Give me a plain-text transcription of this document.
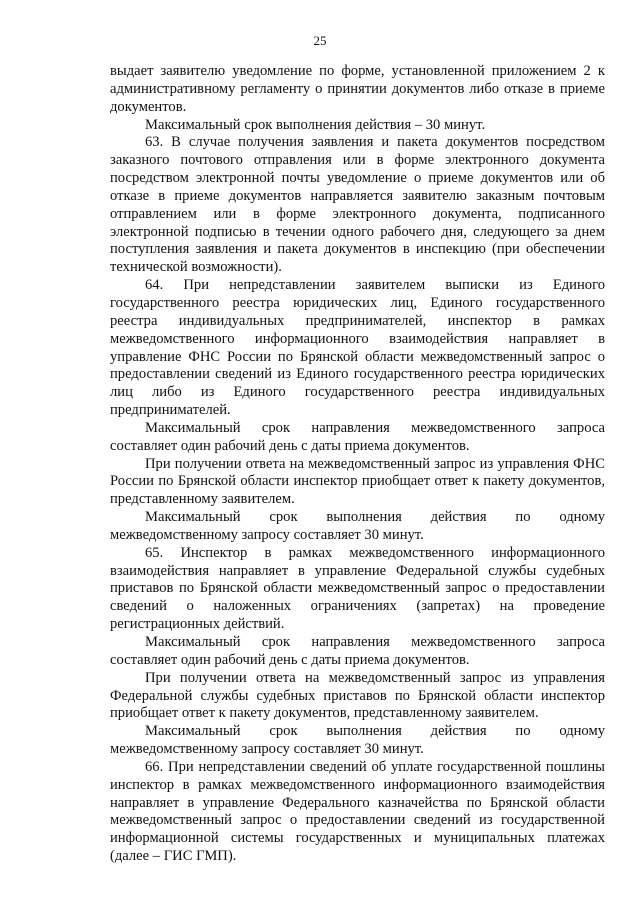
25

выдает заявителю уведомление по форме, установленной приложением 2 к административному регламенту о принятии документов либо отказе в приеме документов.

Максимальный срок выполнения действия – 30 минут.

63. В случае получения заявления и пакета документов посредством заказного почтового отправления или в форме электронного документа посредством электронной почты уведомление о приеме документов или об отказе в приеме документов направляется заявителю заказным почтовым отправлением или в форме электронного документа, подписанного электронной подписью в течении одного рабочего дня, следующего за днем поступления заявления и пакета документов в инспекцию (при обеспечении технической возможности).

64. При непредставлении заявителем выписки из Единого государственного реестра юридических лиц, Единого государственного реестра индивидуальных предпринимателей, инспектор в рамках межведомственного информационного взаимодействия направляет в управление ФНС России по Брянской области межведомственный запрос о предоставлении сведений из Единого государственного реестра юридических лиц либо из Единого государственного реестра индивидуальных предпринимателей.

Максимальный срок направления межведомственного запроса составляет один рабочий день с даты приема документов.

При получении ответа на межведомственный запрос из управления ФНС России по Брянской области инспектор приобщает ответ к пакету документов, представленному заявителем.

Максимальный срок выполнения действия по одному межведомственному запросу составляет 30 минут.

65. Инспектор в рамках межведомственного информационного взаимодействия направляет в управление Федеральной службы судебных приставов по Брянской области межведомственный запрос о предоставлении сведений о наложенных ограничениях (запретах) на проведение регистрационных действий.

Максимальный срок направления межведомственного запроса составляет один рабочий день с даты приема документов.

При получении ответа на межведомственный запрос из управления Федеральной службы судебных приставов по Брянской области инспектор приобщает ответ к пакету документов, представленному заявителем.

Максимальный срок выполнения действия по одному межведомственному запросу составляет 30 минут.

66. При непредставлении сведений об уплате государственной пошлины инспектор в рамках межведомственного информационного взаимодействия направляет в управление Федерального казначейства по Брянской области межведомственный запрос о предоставлении сведений из государственной информационной системы государственных и муниципальных платежах (далее – ГИС ГМП).
